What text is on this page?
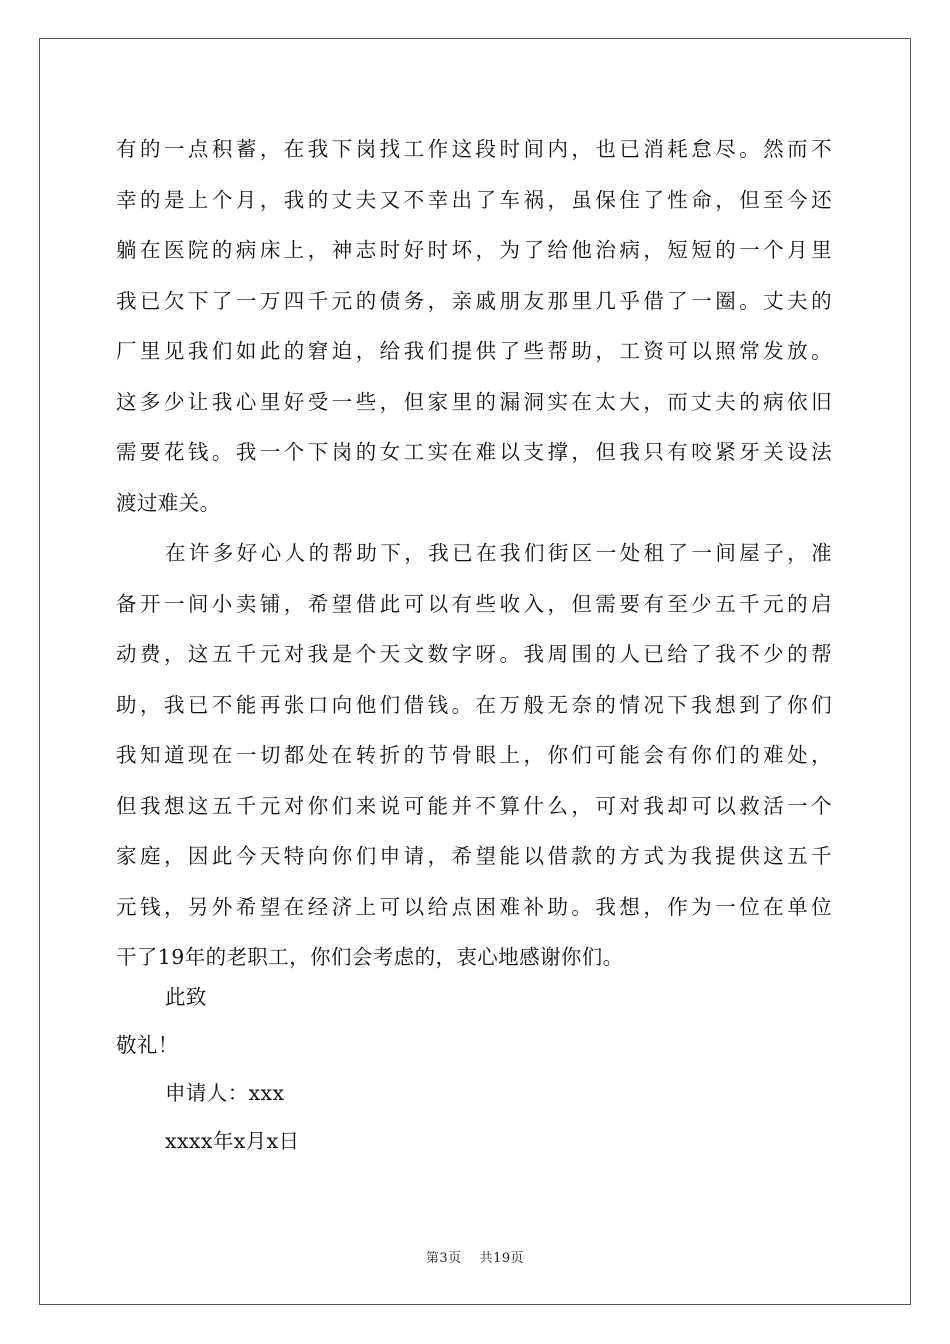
有的一点积蓄，在我下岗找工作这段时间内，也已消耗怠尽。然而不
幸的是上个月，我的丈夫又不幸出了车祸，虽保住了性命，但至今还
躺在医院的病床上，神志时好时坏，为了给他治病，短短的一个月里
我已欠下了一万四千元的债务，亲戚朋友那里几乎借了一圈。丈夫的
厂里见我们如此的窘迫，给我们提供了些帮助，工资可以照常发放。
这多少让我心里好受一些，但家里的漏洞实在太大，而丈夫的病依旧
需要花钱。我一个下岗的女工实在难以支撑，但我只有咬紧牙关设法
渡过难关。
在许多好心人的帮助下，我已在我们街区一处租了一间屋子，准
备开一间小卖铺，希望借此可以有些收入，但需要有至少五千元的启
动费，这五千元对我是个天文数字呀。我周围的人已给了我不少的帮
助，我已不能再张口向他们借钱。在万般无奈的情况下我想到了你们
我知道现在一切都处在转折的节骨眼上，你们可能会有你们的难处，
但我想这五千元对你们来说可能并不算什么，可对我却可以救活一个
家庭，因此今天特向你们申请，希望能以借款的方式为我提供这五千
元钱，另外希望在经济上可以给点困难补助。我想，作为一位在单位
干了19年的老职工，你们会考虑的，衷心地感谢你们。
此致
敬礼！
申请人：xxx
xxxx年x月x日
第3页 共19页
